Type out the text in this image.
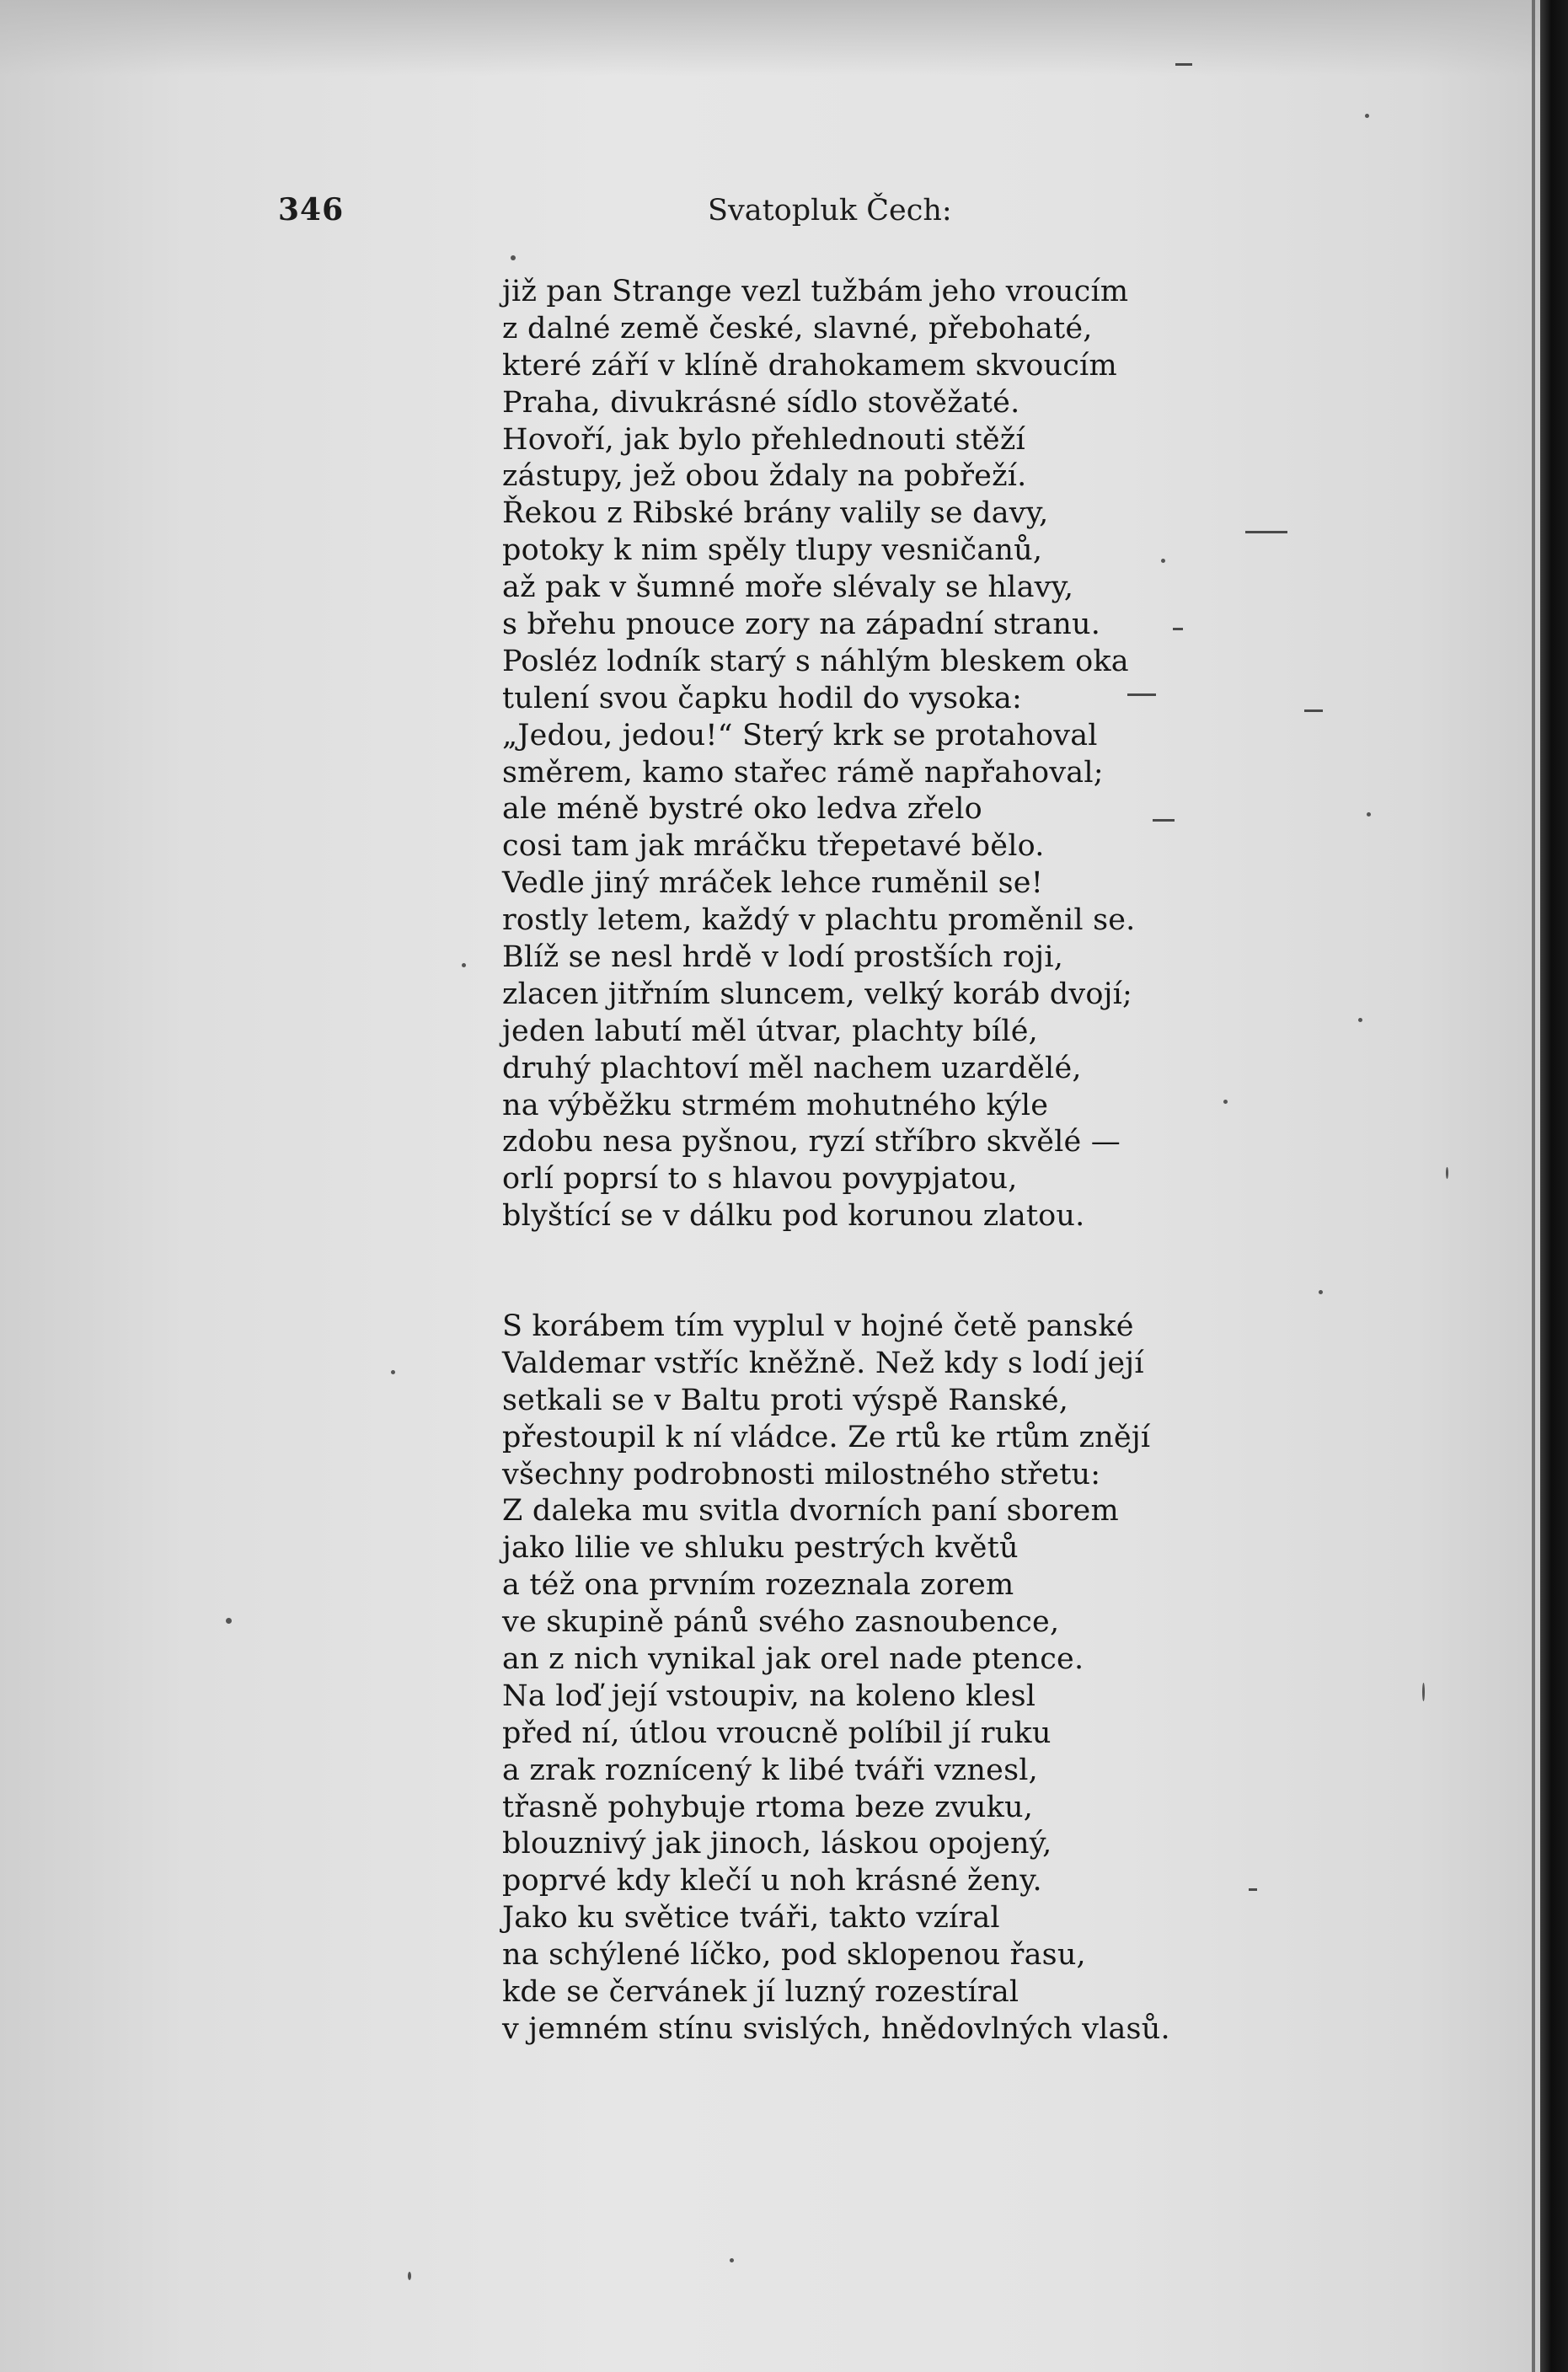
346	Svatopluk Čech:
již pan Strange vezl tužbám jeho vroucím
z dalné země české, slavné, přebohaté,
které září v klíně drahokamem skvoucím
Praha, divukrásné sídlo stověžaté.
Hovoří, jak bylo přehlednouti stěží
zástupy, jež obou ždaly na pobřeží.
Řekou z Ribské brány valily se davy,
potoky k nim spěly tlupy vesničanů,
až pak v šumné moře slévaly se hlavy,
s břehu pnouce zory na západní stranu.
Posléz lodník starý s náhlým bleskem oka
tulení svou čapku hodil do vysoka:
„Jedou, jedou!“ Sterý krk se protahoval
směrem, kamo stařec rámě napřahoval;
ale méně bystré oko ledva zřelo
cosi tam jak mráčku třepetavé bělo.
Vedle jiný mráček lehce ruměnil se!
rostly letem, každý v plachtu proměnil se.
Blíž se nesl hrdě v lodí prostších roji,
zlacen jitřním sluncem, velký koráb dvojí;
jeden labutí měl útvar, plachty bílé,
druhý plachtoví měl nachem uzardělé,
na výběžku strmém mohutného kýle
zdobu nesa pyšnou, ryzí stříbro skvělé —
orlí poprsí to s hlavou povypjatou,
blyštící se v dálku pod korunou zlatou.
S korábem tím vyplul v hojné četě panské
Valdemar vstříc kněžně. Než kdy s lodí její
setkali se v Baltu proti výspě Ranské,
přestoupil k ní vládce. Ze rtů ke rtům znějí
všechny podrobnosti milostného střetu:
Z daleka mu svitla dvorních paní sborem
jako lilie ve shluku pestrých květů
a též ona prvním rozeznala zorem
ve skupině pánů svého zasnoubence,
an z nich vynikal jak orel nade ptence.
Na loď její vstoupiv, na koleno klesl
před ní, útlou vroucně políbil jí ruku
a zrak roznícený k libé tváři vznesl,
třasně pohybuje rtoma beze zvuku,
blouznivý jak jinoch, láskou opojený,
poprvé kdy klečí u noh krásné ženy.
Jako ku světice tváři, takto vzíral
na schýlené líčko, pod sklopenou řasu,
kde se červánek jí luzný rozestíral
v jemném stínu svislých, hnědovlných vlasů.
